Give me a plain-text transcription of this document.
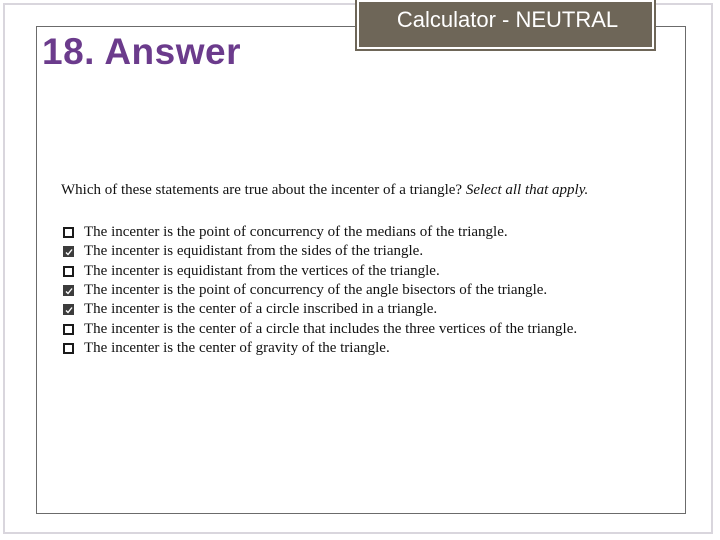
18. Answer
Calculator - NEUTRAL
Which of these statements are true about the incenter of a triangle? Select all that apply.
The incenter is the point of concurrency of the medians of the triangle.
The incenter is equidistant from the sides of the triangle.
The incenter is equidistant from the vertices of the triangle.
The incenter is the point of concurrency of the angle bisectors of the triangle.
The incenter is the center of a circle inscribed in a triangle.
The incenter is the center of a circle that includes the three vertices of the triangle.
The incenter is the center of gravity of the triangle.
